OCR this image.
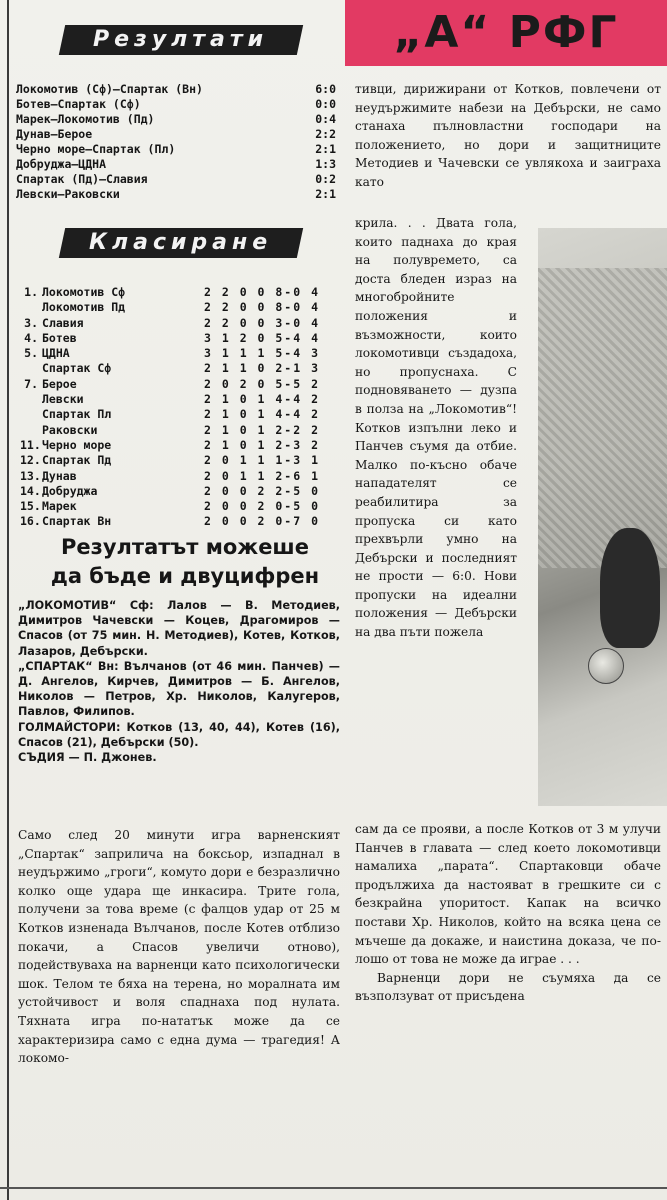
Резултати	„А“ РФГ
Локомотив (Сф)—Спартак (Вн)	6:0
Ботев—Спартак (Сф)	0:0
Марек—Локомотив (Пд)	0:4
Дунав—Берое	2:2
Черно море—Спартак (Пл)	2:1
Добруджа—ЦДНА	1:3
Спартак (Пд)—Славия	0:2
Левски—Раковски	2:1
Класиране
1. Локомотив Сф	2 2 0 0 8-0 4
Локомотив Пд	2 2 0 0 8-0 4
3. Славия	2 2 0 0 3-0 4
4. Ботев	3 1 2 0 5-4 4
5. ЦДНА	3 1 1 1 5-4 3
Спартак Сф	2 1 1 0 2-1 3
7. Берое	2 0 2 0 5-5 2
Левски	2 1 0 1 4-4 2
Спартак Пл	2 1 0 1 4-4 2
Раковски	2 1 0 1 2-2 2
11. Черно море	2 1 0 1 2-3 2
12. Спартак Пд	2 0 1 1 1-3 1
13. Дунав	2 0 1 1 2-6 1
14. Добруджа	2 0 0 2 2-5 0
15. Марек	2 0 0 2 0-5 0
16. Спартак Вн	2 0 0 2 0-7 0
Резултатът можеше
да бъде и двуцифрен

„ЛОКОМОТИВ“ Сф: Лалов — В. Методиев, Димитров Чачевски — Коцев, Драгомиров — Спасов (от 75 мин. Н. Методиев), Котев, Котков, Лазаров, Дебърски.

„СПАРТАК“ Вн: Вълчанов (от 46 мин. Панчев) — Д. Ангелов, Кирчев, Димитров — Б. Ангелов, Николов — Петров, Хр. Николов, Калугеров, Павлов, Филипов.

ГОЛМАЙСТОРИ: Котков (13, 40, 44), Котев (16), Спасов (21), Дебърски (50).

СЪДИЯ — П. Джонев.

Само след 20 минути игра варненският „Спартак“ заприлича на боксьор, изпаднал в неудържимо „гроги“, комуто дори е безразлично колко още удара ще инкасира. Трите гола, получени за това време (с фалцов удар от 25 м Котков изненада Вълчанов, после Котев отблизо покачи, а Спасов увеличи отново), подействуваха на варненци като психологически шок. Телом те бяха на терена, но моралната им устойчивост и воля спаднаха под нулата. Тяхната игра по-нататък може да се характеризира само с една дума — трагедия! А локомо-

тивци, дирижирани от Котков, повлечени от неудържимите набези на Дебърски, не само станаха пълновластни господари на положението, но дори и защитниците Методиев и Чачевски се увлякоха и заиграха като

крила. . . Двата гола, които паднаха до края на полувремето, са доста бледен израз на многобройните положения и възможности, които локомотивци създадоха, но пропуснаха. С подновяването — дузпа в полза на „Локомотив“! Котков изпълни леко и Панчев съумя да отбие. Малко по-късно обаче нападателят се реабилитира за пропуска си като прехвърли умно на Дебърски и последният не прости — 6:0. Нови пропуски на идеални положения — Дебърски на два пъти пожела

сам да се прояви, а после Котков от 3 м улучи Панчев в главата — след което локомотивци намалиха „парата“. Спартаковци обаче продължиха да настояват в грешките си с безкрайна упоритост. Капак на всичко постави Хр. Николов, който на всяка цена се мъчеше да докаже, и наистина доказа, че по-лошо от това не може да играе . . .

Варненци дори не съумяха да се възползуват от присъдена
